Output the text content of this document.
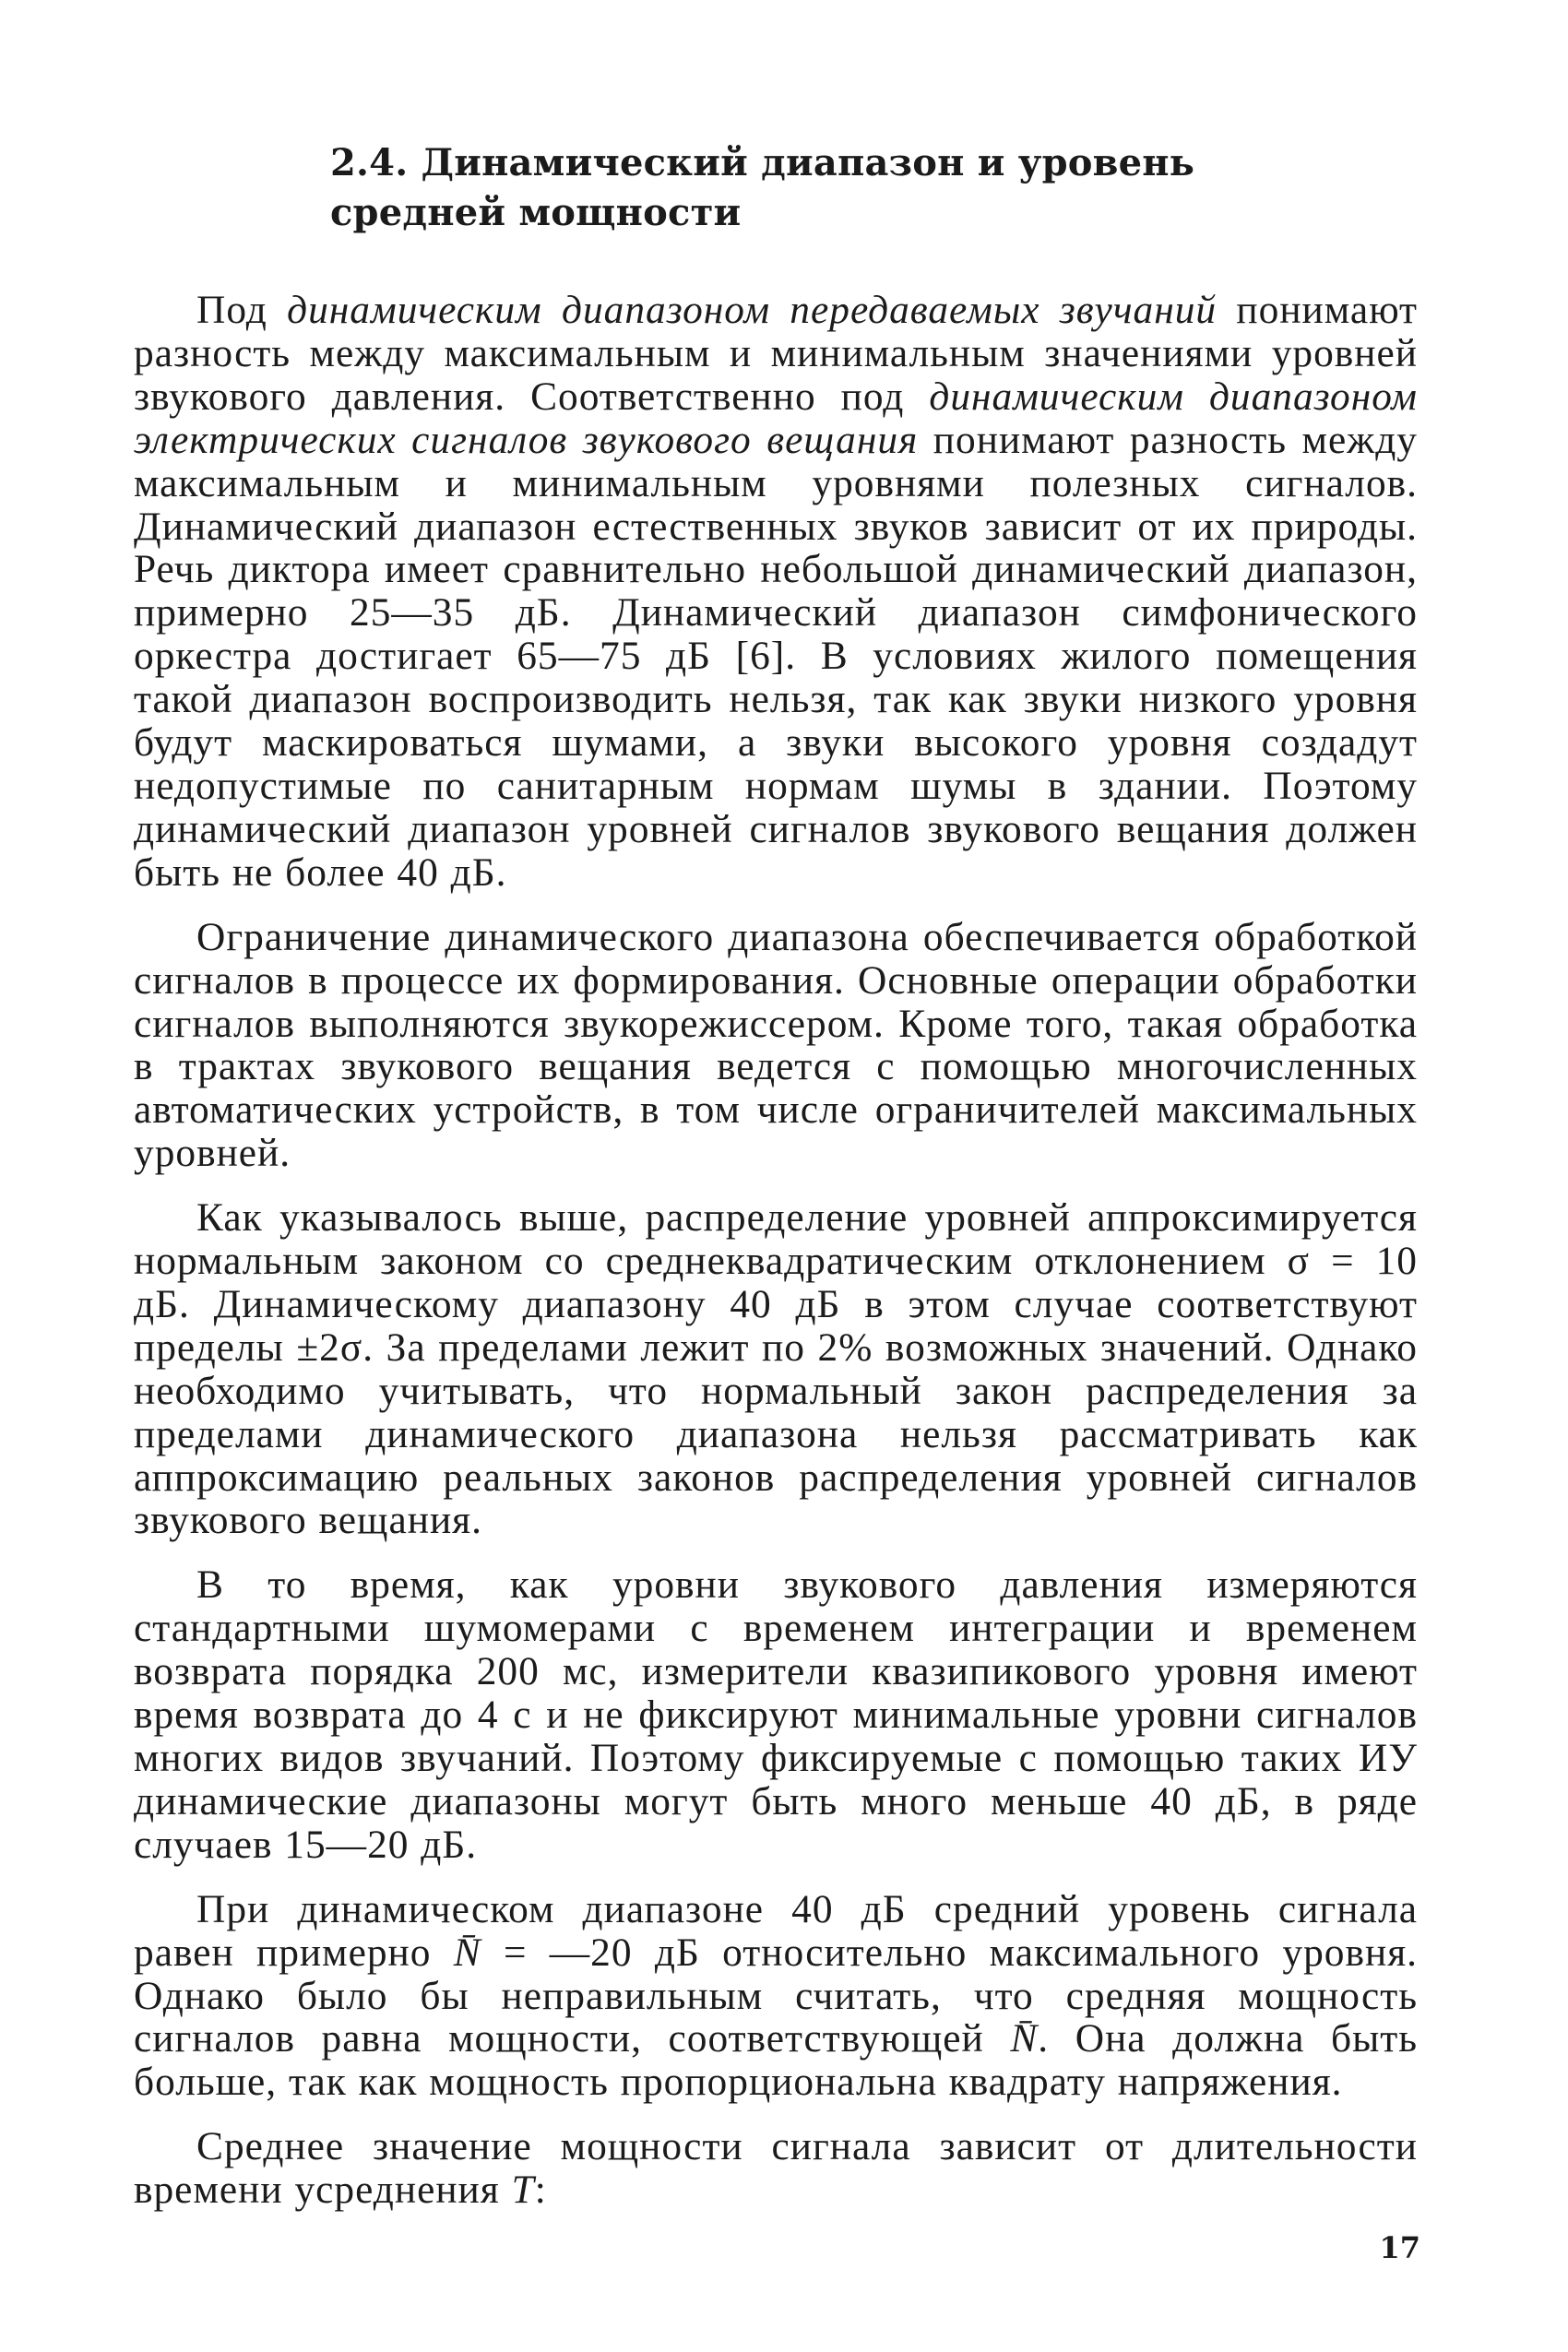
2.4. Динамический диапазон и уровень
средней мощности

Под динамическим диапазоном передаваемых звучаний понимают разность между максимальным и минимальным значениями уровней звукового давления. Соответственно под динамическим диапазоном электрических сигналов звукового вещания понимают разность между максимальным и минимальным уровнями полезных сигналов. Динамический диапазон естественных звуков зависит от их природы. Речь диктора имеет сравнительно небольшой динамический диапазон, примерно 25—35 дБ. Динамический диапазон симфонического оркестра достигает 65—75 дБ [6]. В условиях жилого помещения такой диапазон воспроизводить нельзя, так как звуки низкого уровня будут маскироваться шумами, а звуки высокого уровня создадут недопустимые по санитарным нормам шумы в здании. Поэтому динамический диапазон уровней сигналов звукового вещания должен быть не более 40 дБ.

Ограничение динамического диапазона обеспечивается обработкой сигналов в процессе их формирования. Основные операции обработки сигналов выполняются звукорежиссером. Кроме того, такая обработка в трактах звукового вещания ведется с помощью многочисленных автоматических устройств, в том числе ограничителей максимальных уровней.

Как указывалось выше, распределение уровней аппроксимируется нормальным законом со среднеквадратическим отклонением σ = 10 дБ. Динамическому диапазону 40 дБ в этом случае соответствуют пределы ±2σ. За пределами лежит по 2% возможных значений. Однако необходимо учитывать, что нормальный закон распределения за пределами динамического диапазона нельзя рассматривать как аппроксимацию реальных законов распределения уровней сигналов звукового вещания.

В то время, как уровни звукового давления измеряются стандартными шумомерами с временем интеграции и временем возврата порядка 200 мс, измерители квазипикового уровня имеют время возврата до 4 с и не фиксируют минимальные уровни сигналов многих видов звучаний. Поэтому фиксируемые с помощью таких ИУ динамические диапазоны могут быть много меньше 40 дБ, в ряде случаев 15—20 дБ.

При динамическом диапазоне 40 дБ средний уровень сигнала равен примерно N̄ = —20 дБ относительно максимального уровня. Однако было бы неправильным считать, что средняя мощность сигналов равна мощности, соответствующей N̄. Она должна быть больше, так как мощность пропорциональна квадрату напряжения.

Среднее значение мощности сигнала зависит от длительности времени усреднения T:

17
